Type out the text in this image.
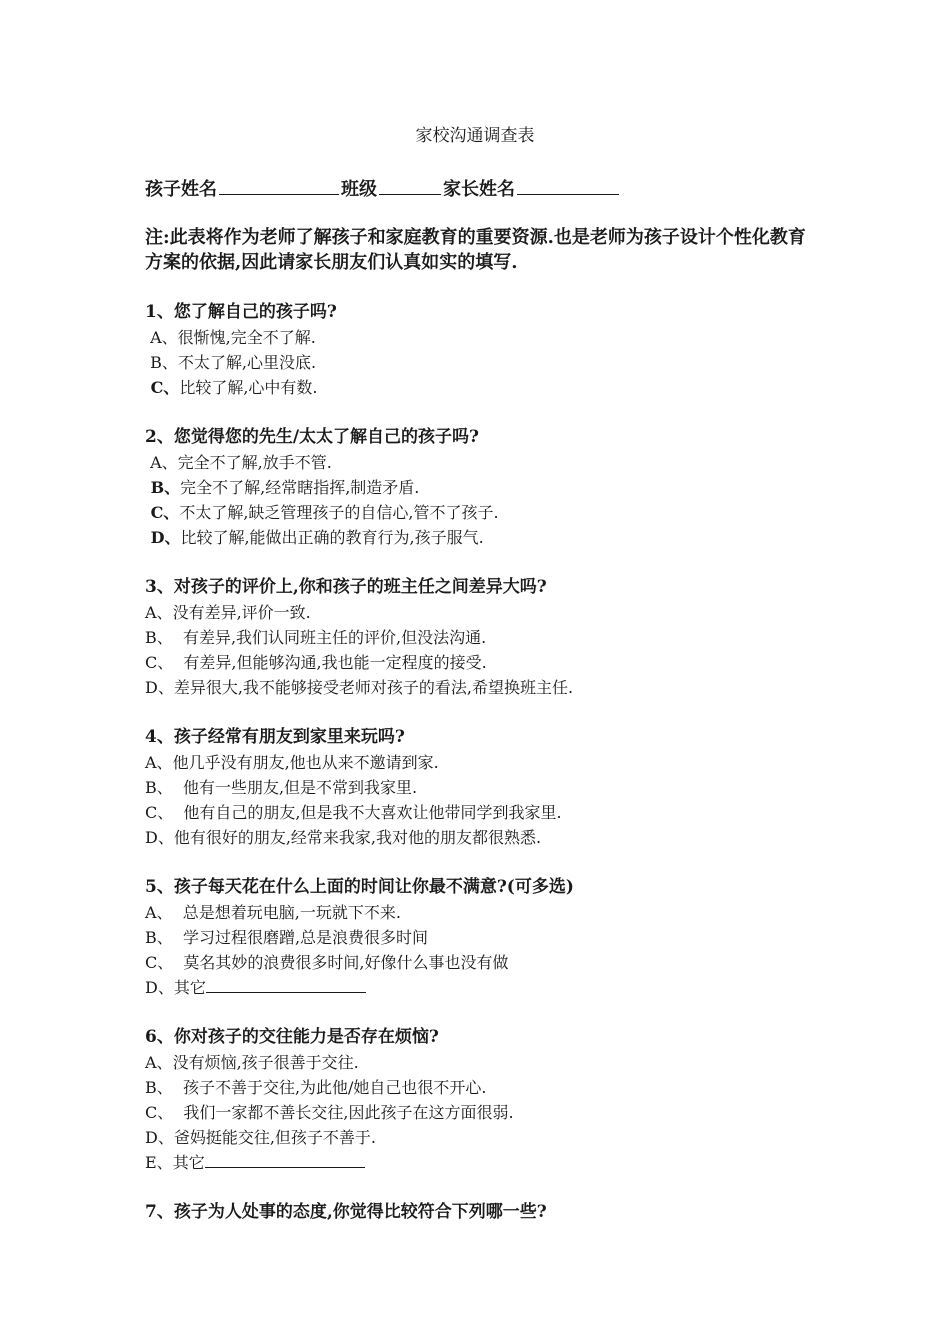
家校沟通调查表
孩子姓名	班级	家长姓名
注:此表将作为老师了解孩子和家庭教育的重要资源.也是老师为孩子设计个性化教育方案的依据,因此请家长朋友们认真如实的填写.
1、您了解自己的孩子吗?
A、很惭愧,完全不了解.
B、不太了解,心里没底.
C、比较了解,心中有数.
2、您觉得您的先生/太太了解自己的孩子吗?
A、完全不了解,放手不管.
B、完全不了解,经常瞎指挥,制造矛盾.
C、不太了解,缺乏管理孩子的自信心,管不了孩子.
D、比较了解,能做出正确的教育行为,孩子服气.
3、对孩子的评价上,你和孩子的班主任之间差异大吗?
A、没有差异,评价一致.
B、  有差异,我们认同班主任的评价,但没法沟通.
C、  有差异,但能够沟通,我也能一定程度的接受.
D、差异很大,我不能够接受老师对孩子的看法,希望换班主任.
4、孩子经常有朋友到家里来玩吗?
A、他几乎没有朋友,他也从来不邀请到家.
B、  他有一些朋友,但是不常到我家里.
C、  他有自己的朋友,但是我不大喜欢让他带同学到我家里.
D、他有很好的朋友,经常来我家,我对他的朋友都很熟悉.
5、孩子每天花在什么上面的时间让你最不满意?(可多选)
A、  总是想着玩电脑,一玩就下不来.
B、  学习过程很磨蹭,总是浪费很多时间
C、  莫名其妙的浪费很多时间,好像什么事也没有做
D、其它
6、你对孩子的交往能力是否存在烦恼?
A、没有烦恼,孩子很善于交往.
B、  孩子不善于交往,为此他/她自己也很不开心.
C、  我们一家都不善长交往,因此孩子在这方面很弱.
D、爸妈挺能交往,但孩子不善于.
E、其它
7、孩子为人处事的态度,你觉得比较符合下列哪一些?
